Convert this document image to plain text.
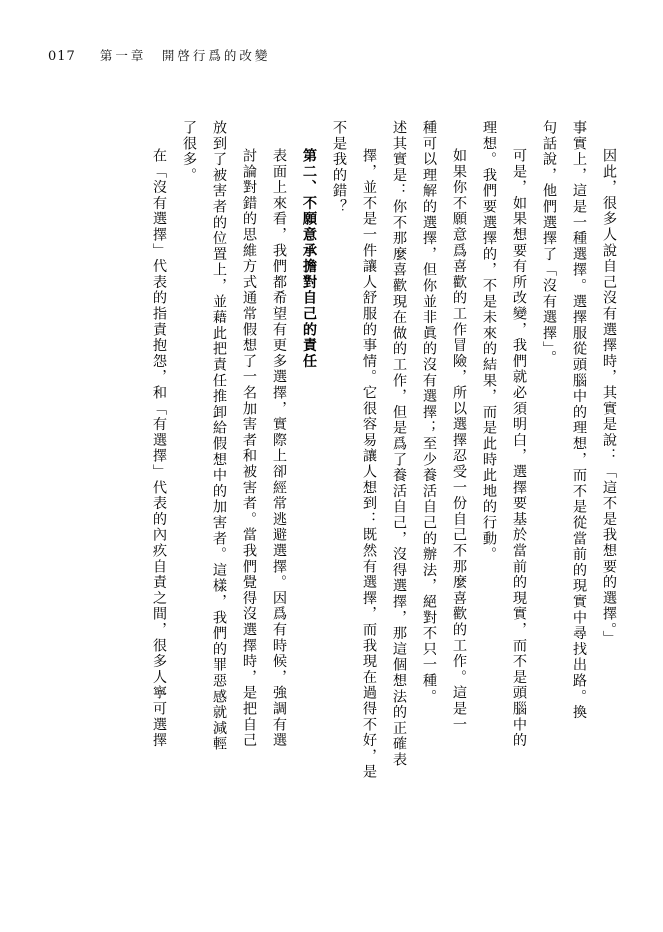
017 第一章　開啓行爲的改變
因此，很多人說自己沒有選擇時，其實是說：「這不是我想要的選擇。」
事實上，這是一種選擇。選擇服從頭腦中的理想，而不是從當前的現實中尋找出路。換
句話說，他們選擇了「沒有選擇」。
可是，如果想要有所改變，我們就必須明白，選擇要基於當前的現實，而不是頭腦中的
理想。我們要選擇的，不是未來的結果，而是此時此地的行動。
如果你不願意爲喜歡的工作冒險，所以選擇忍受一份自己不那麼喜歡的工作。這是一
種可以理解的選擇，但你並非眞的沒有選擇；至少養活自己的辦法，絕對不只一種。
述其實是：你不那麼喜歡現在做的工作，但是爲了養活自己，沒得選擇，那這個想法的正確表
擇，並不是一件讓人舒服的事情。它很容易讓人想到：既然有選擇，而我現在過得不好，是
不是我的錯？
第二、不願意承擔對自己的責任
表面上來看，我們都希望有更多選擇，實際上卻經常逃避選擇。因爲有時候，強調有選
討論對錯的思維方式通常假想了一名加害者和被害者。當我們覺得沒選擇時，是把自己
放到了被害者的位置上，並藉此把責任推卸給假想中的加害者。這樣，我們的罪惡感就減輕
了很多。
在「沒有選擇」代表的指責抱怨，和「有選擇」代表的內疚自責之間，很多人寧可選擇
